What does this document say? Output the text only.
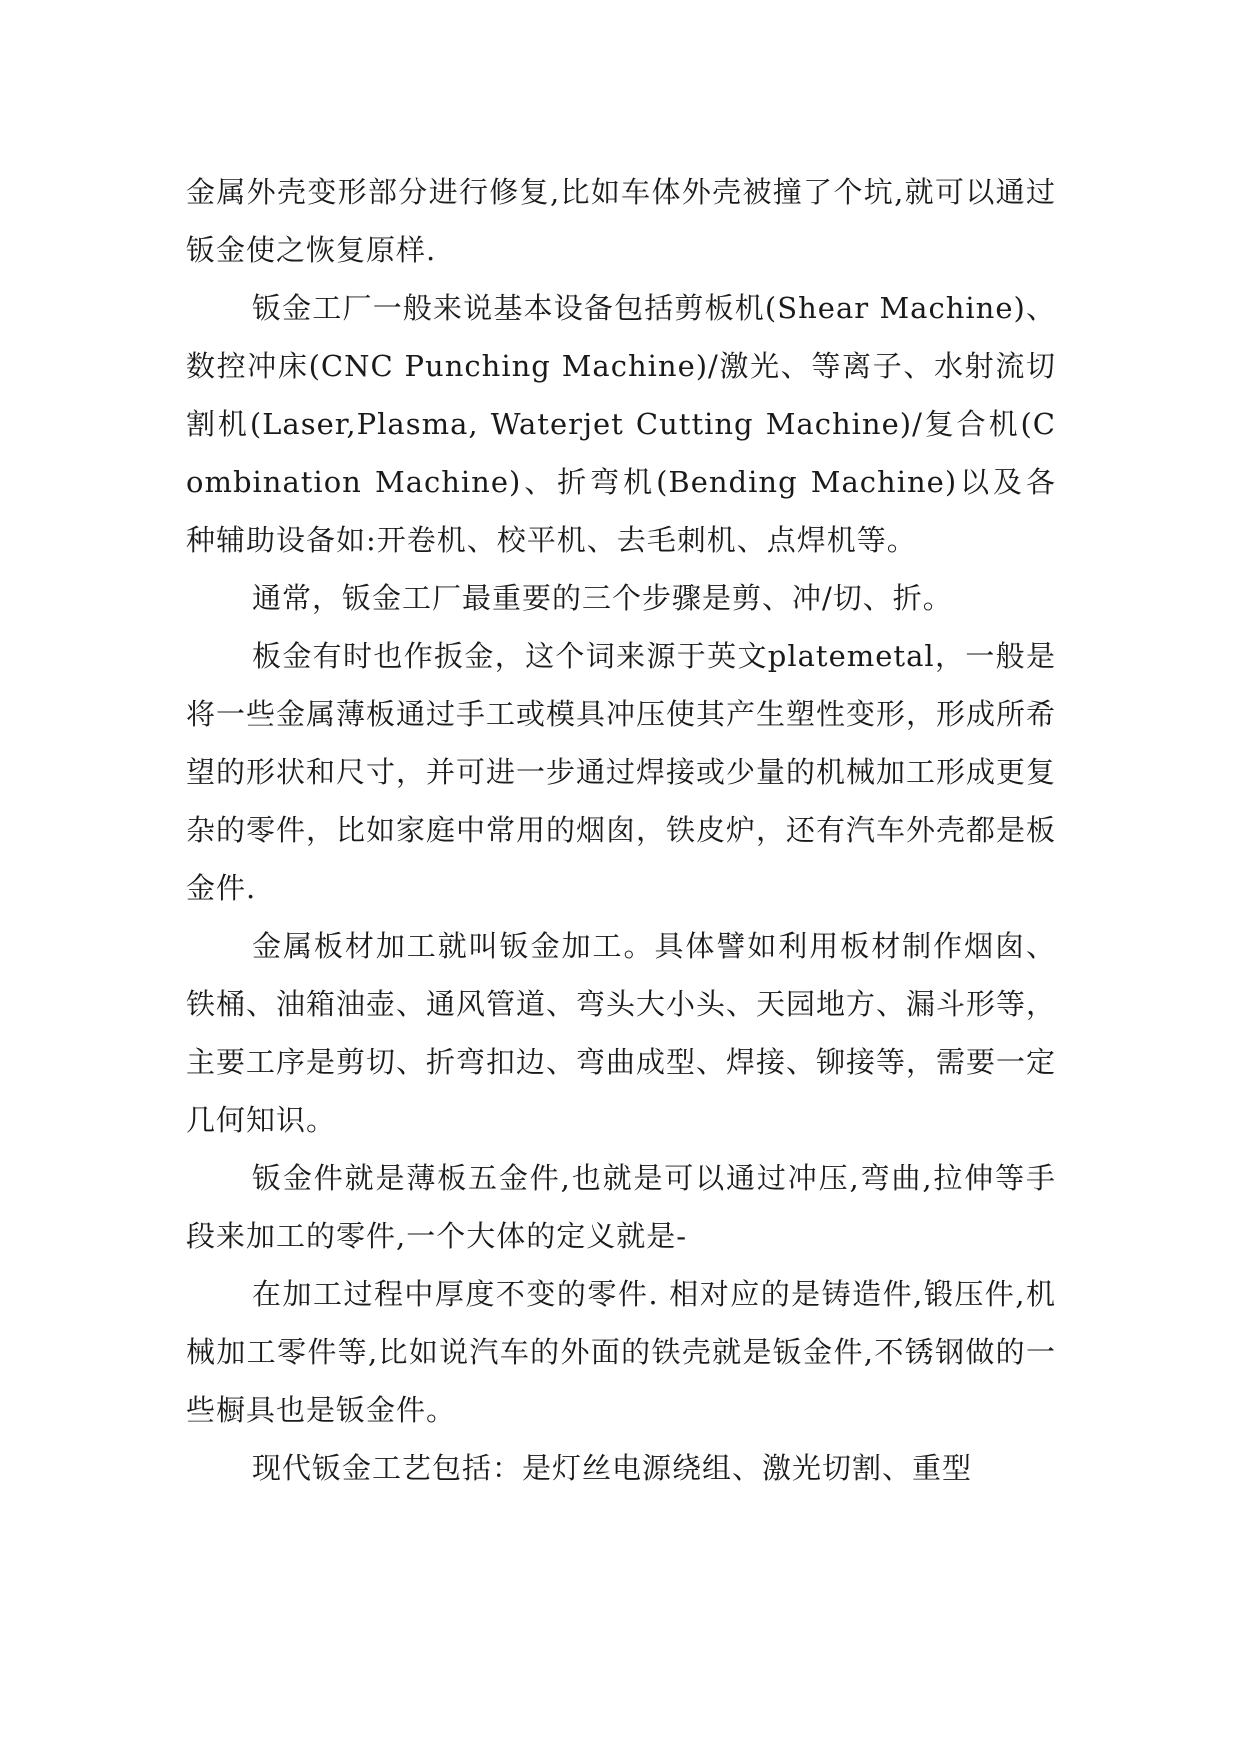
金属外壳变形部分进行修复,比如车体外壳被撞了个坑,就可以通过钣金使之恢复原样.

钣金工厂一般来说基本设备包括剪板机(Shear Machine)、数控冲床(CNC Punching Machine)/激光、等离子、水射流切割机(Laser,Plasma, Waterjet Cutting Machine)/复合机(Combination Machine)、折弯机(Bending Machine)以及各种辅助设备如:开卷机、校平机、去毛刺机、点焊机等。

通常，钣金工厂最重要的三个步骤是剪、冲/切、折。

板金有时也作扳金，这个词来源于英文platemetal，一般是将一些金属薄板通过手工或模具冲压使其产生塑性变形，形成所希望的形状和尺寸，并可进一步通过焊接或少量的机械加工形成更复杂的零件，比如家庭中常用的烟囱，铁皮炉，还有汽车外壳都是板金件.

金属板材加工就叫钣金加工。具体譬如利用板材制作烟囱、铁桶、油箱油壶、通风管道、弯头大小头、天园地方、漏斗形等，主要工序是剪切、折弯扣边、弯曲成型、焊接、铆接等，需要一定几何知识。

钣金件就是薄板五金件,也就是可以通过冲压,弯曲,拉伸等手段来加工的零件,一个大体的定义就是-

在加工过程中厚度不变的零件. 相对应的是铸造件,锻压件,机械加工零件等,比如说汽车的外面的铁壳就是钣金件,不锈钢做的一些橱具也是钣金件。

现代钣金工艺包括：是灯丝电源绕组、激光切割、重型
